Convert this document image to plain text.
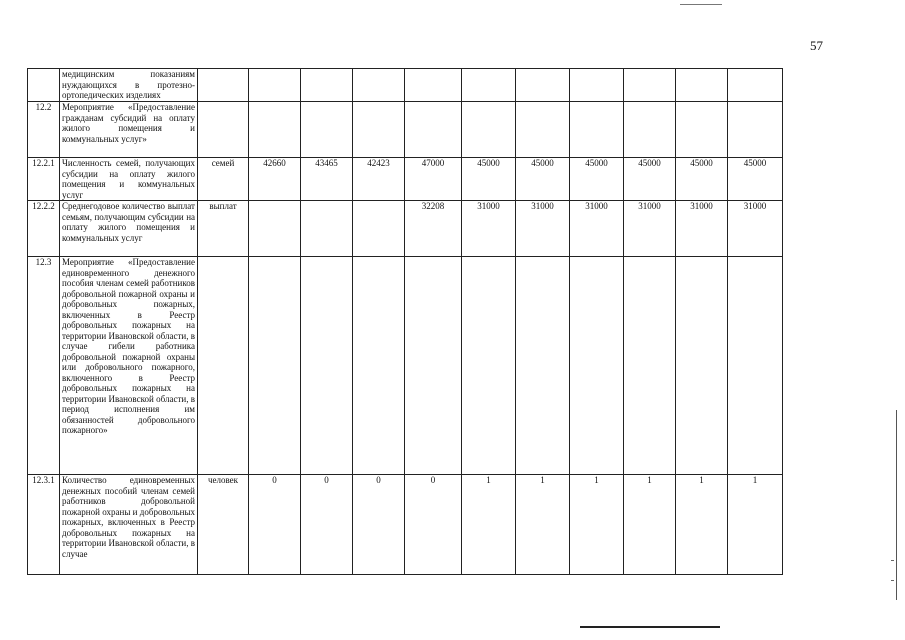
57
	медицинским показаниям нуждающихся в протезно-ортопедических изделиях											
12.2	Мероприятие «Предоставление гражданам субсидий на оплату жилого помещения и коммунальных услуг»											
12.2.1	Численность семей, получающих субсидии на оплату жилого помещения и коммунальных услуг	семей	42660	43465	42423	47000	45000	45000	45000	45000	45000	45000
12.2.2	Среднегодовое количество выплат семьям, получающим субсидии на оплату жилого помещения и коммунальных услуг	выплат				32208	31000	31000	31000	31000	31000	31000
12.3	Мероприятие «Предоставление единовременного денежного пособия членам семей работников добровольной пожарной охраны и добровольных пожарных, включенных в Реестр добровольных пожарных на территории Ивановской области, в случае гибели работника добровольной пожарной охраны или добровольного пожарного, включенного в Реестр добровольных пожарных на территории Ивановской области, в период исполнения им обязанностей добровольного пожарного»											
12.3.1	Количество единовременных денежных пособий членам семей работников добровольной пожарной охраны и добровольных пожарных, включенных в Реестр добровольных пожарных на территории Ивановской области, в случае	человек	0	0	0	0	1	1	1	1	1	1
